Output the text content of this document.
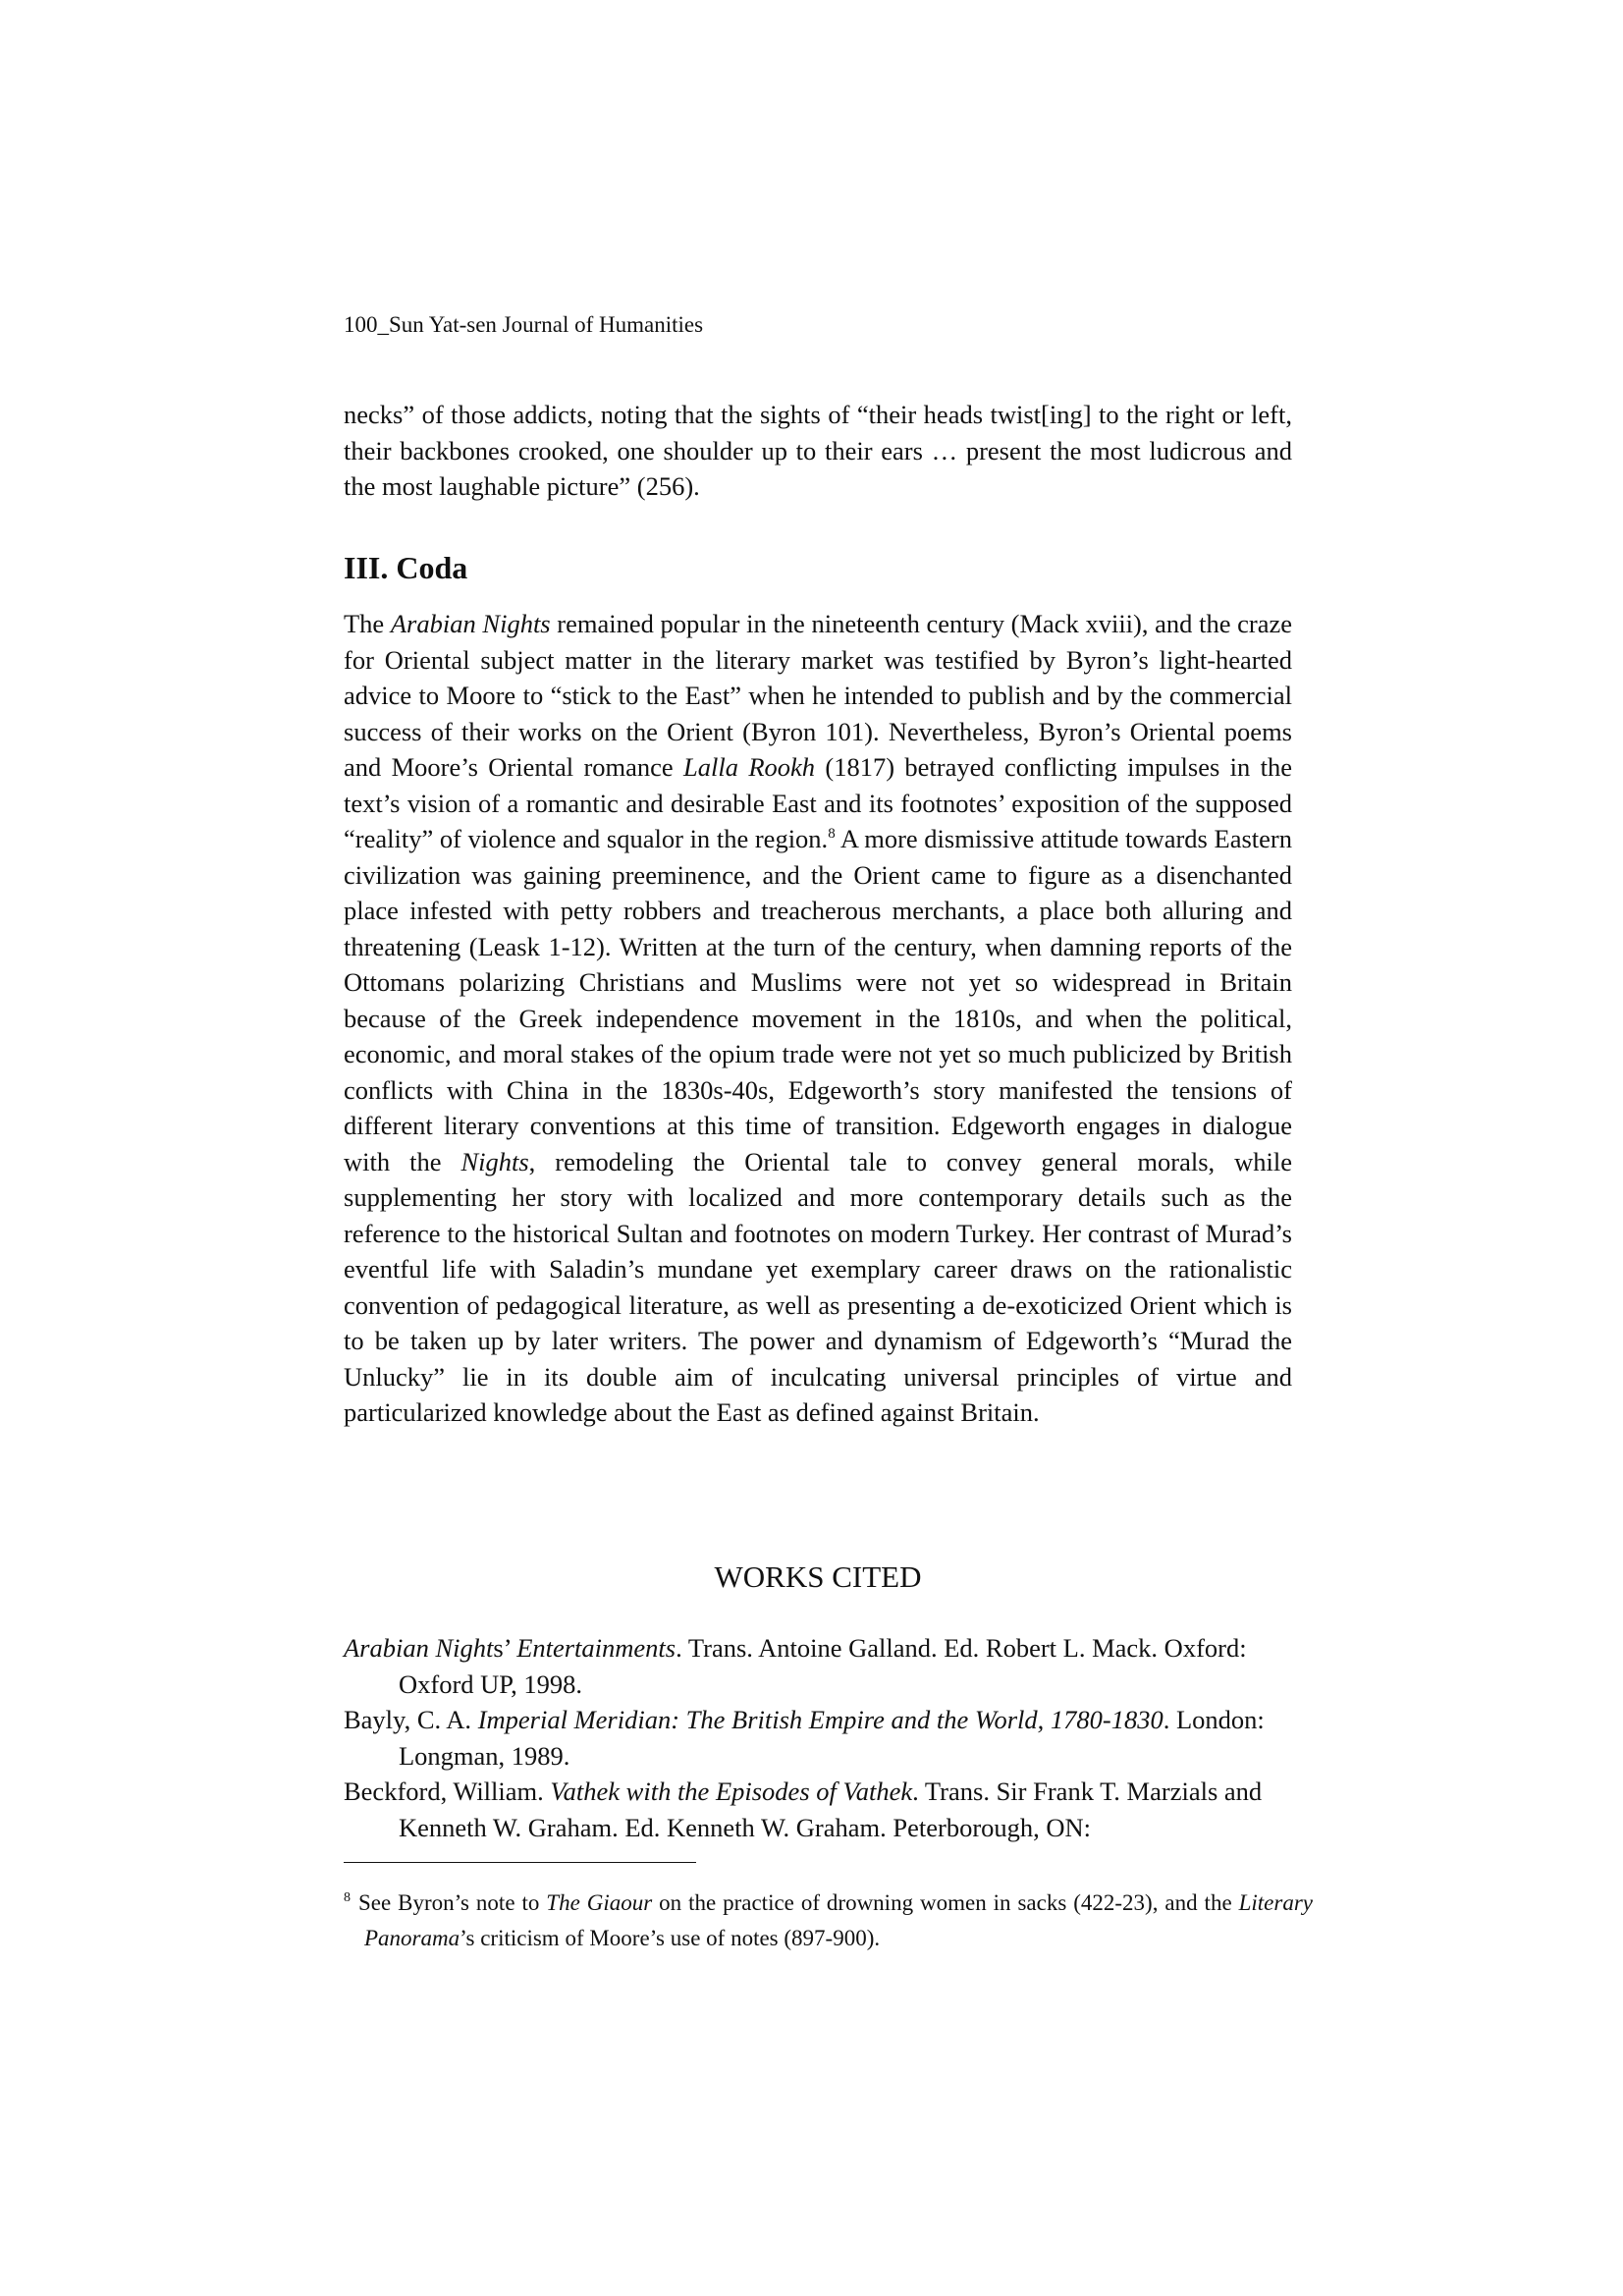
100_Sun Yat-sen Journal of Humanities

necks” of those addicts, noting that the sights of “their heads twist[ing] to the right or left, their backbones crooked, one shoulder up to their ears … present the most ludicrous and the most laughable picture” (256).

III. Coda

The Arabian Nights remained popular in the nineteenth century (Mack xviii), and the craze for Oriental subject matter in the literary market was testified by Byron’s light-hearted advice to Moore to “stick to the East” when he intended to publish and by the commercial success of their works on the Orient (Byron 101). Nevertheless, Byron’s Oriental poems and Moore’s Oriental romance Lalla Rookh (1817) betrayed conflicting impulses in the text’s vision of a romantic and desirable East and its footnotes’ exposition of the supposed “reality” of violence and squalor in the region.$^8$ A more dismissive attitude towards Eastern civilization was gaining preeminence, and the Orient came to figure as a disenchanted place infested with petty robbers and treacherous merchants, a place both alluring and threatening (Leask 1-12). Written at the turn of the century, when damning reports of the Ottomans polarizing Christians and Muslims were not yet so widespread in Britain because of the Greek independence movement in the 1810s, and when the political, economic, and moral stakes of the opium trade were not yet so much publicized by British conflicts with China in the 1830s-40s, Edgeworth’s story manifested the tensions of different literary conventions at this time of transition. Edgeworth engages in dialogue with the Nights, remodeling the Oriental tale to convey general morals, while supplementing her story with localized and more contemporary details such as the reference to the historical Sultan and footnotes on modern Turkey. Her contrast of Murad’s eventful life with Saladin’s mundane yet exemplary career draws on the rationalistic convention of pedagogical literature, as well as presenting a de-exoticized Orient which is to be taken up by later writers. The power and dynamism of Edgeworth’s “Murad the Unlucky” lie in its double aim of inculcating universal principles of virtue and particularized knowledge about the East as defined against Britain.

WORKS CITED
Arabian Nights’ Entertainments. Trans. Antoine Galland. Ed. Robert L. Mack. Oxford: Oxford UP, 1998.
Bayly, C. A. Imperial Meridian: The British Empire and the World, 1780-1830. London: Longman, 1989.
Beckford, William. Vathek with the Episodes of Vathek. Trans. Sir Frank T. Marzials and Kenneth W. Graham. Ed. Kenneth W. Graham. Peterborough, ON:

$^8$ See Byron’s note to The Giaour on the practice of drowning women in sacks (422-23), and the Literary Panorama’s criticism of Moore’s use of notes (897-900).
